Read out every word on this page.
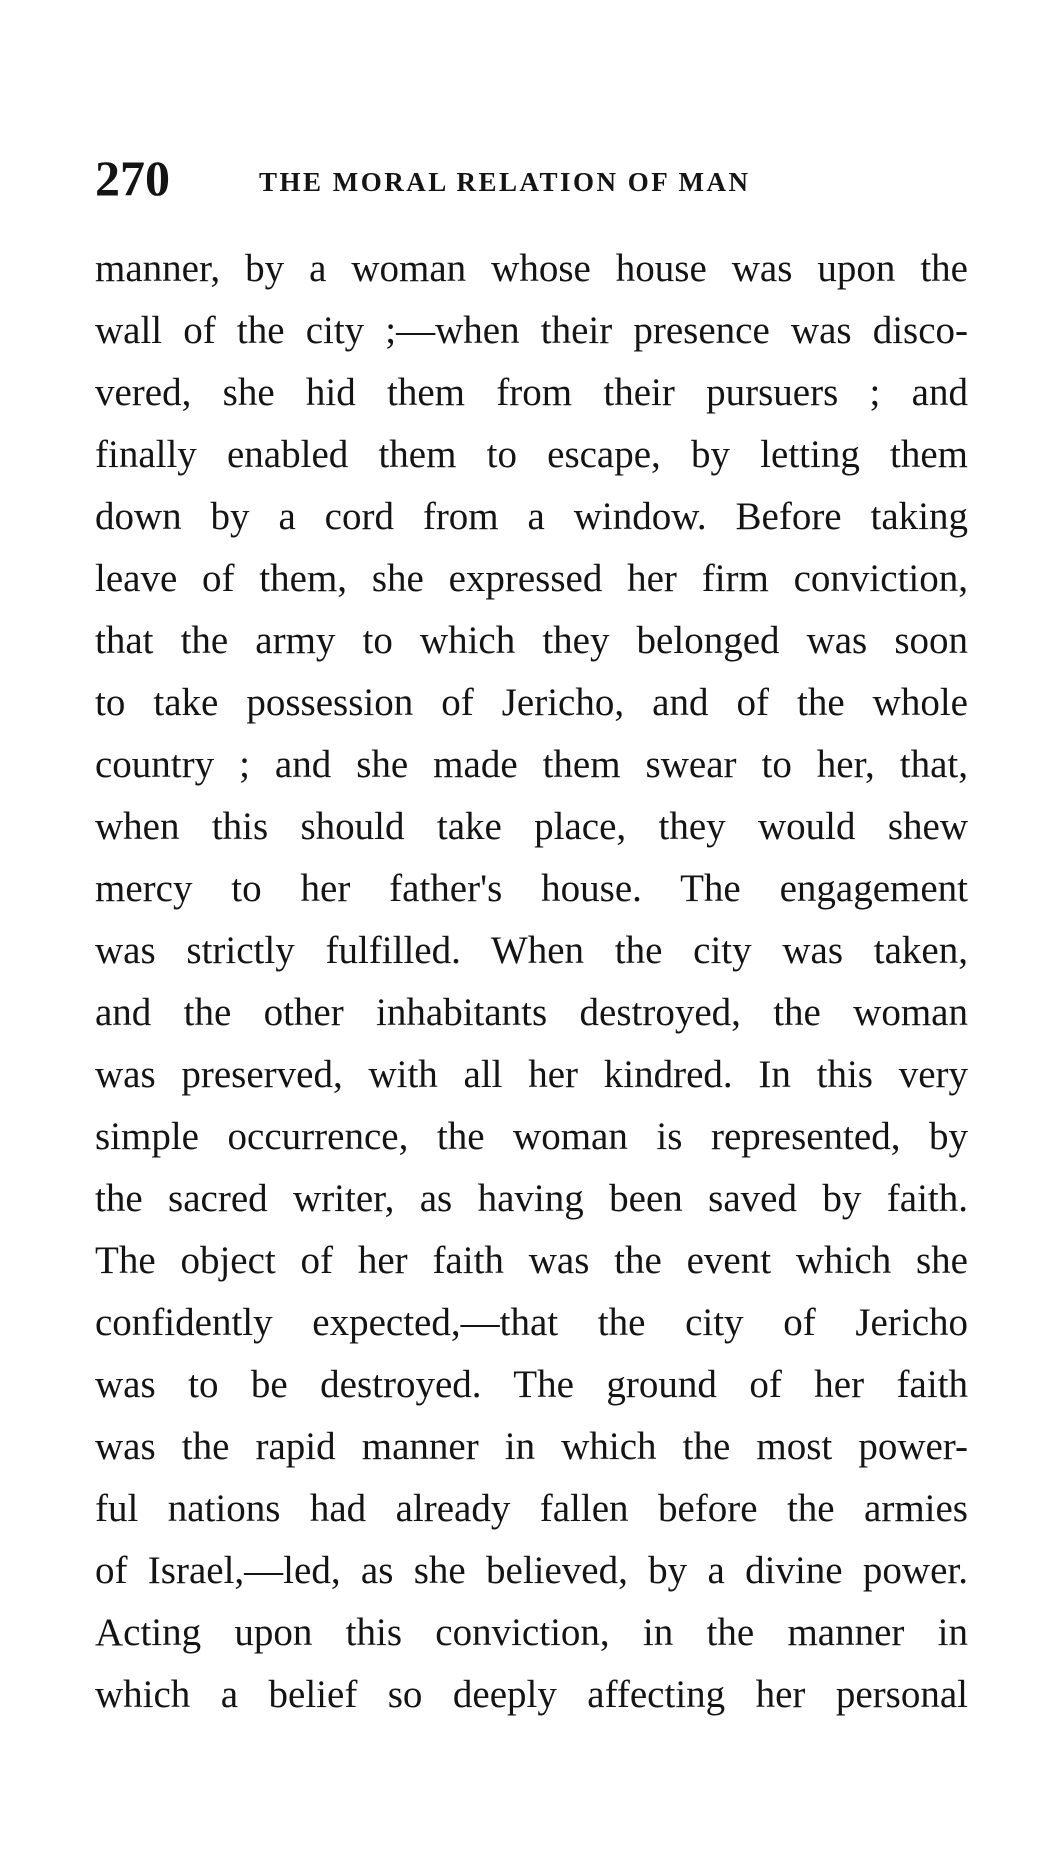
270	THE MORAL RELATION OF MAN
manner, by a woman whose house was upon the
wall of the city ;—when their presence was disco-
vered, she hid them from their pursuers ; and
finally enabled them to escape, by letting them
down by a cord from a window. Before taking
leave of them, she expressed her firm conviction,
that the army to which they belonged was soon
to take possession of Jericho, and of the whole
country ; and she made them swear to her, that,
when this should take place, they would shew
mercy to her father's house. The engagement
was strictly fulfilled. When the city was taken,
and the other inhabitants destroyed, the woman
was preserved, with all her kindred. In this very
simple occurrence, the woman is represented, by
the sacred writer, as having been saved by faith.
The object of her faith was the event which she
confidently expected,—that the city of Jericho
was to be destroyed. The ground of her faith
was the rapid manner in which the most power-
ful nations had already fallen before the armies
of Israel,—led, as she believed, by a divine power.
Acting upon this conviction, in the manner in
which a belief so deeply affecting her personal
